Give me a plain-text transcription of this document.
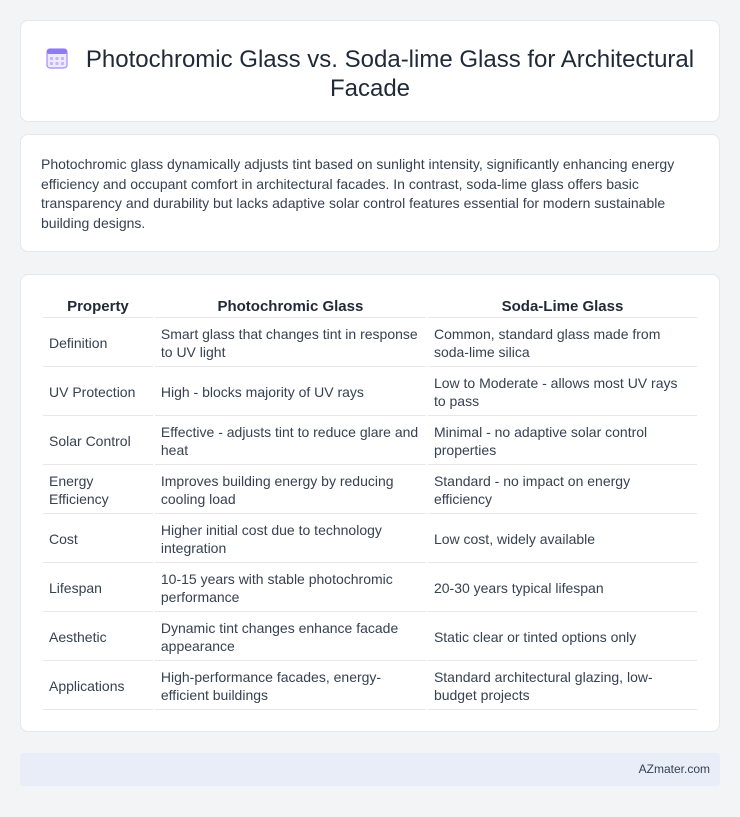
Photochromic Glass vs. Soda-lime Glass for Architectural Facade

Photochromic glass dynamically adjusts tint based on sunlight intensity, significantly enhancing energy efficiency and occupant comfort in architectural facades. In contrast, soda-lime glass offers basic transparency and durability but lacks adaptive solar control features essential for modern sustainable building designs.

Property	Photochromic Glass	Soda-Lime Glass
Definition	Smart glass that changes tint in response to UV light	Common, standard glass made from soda-lime silica
UV Protection	High - blocks majority of UV rays	Low to Moderate - allows most UV rays to pass
Solar Control	Effective - adjusts tint to reduce glare and heat	Minimal - no adaptive solar control properties
Energy Efficiency	Improves building energy by reducing cooling load	Standard - no impact on energy efficiency
Cost	Higher initial cost due to technology integration	Low cost, widely available
Lifespan	10-15 years with stable photochromic performance	20-30 years typical lifespan
Aesthetic	Dynamic tint changes enhance facade appearance	Static clear or tinted options only
Applications	High-performance facades, energy-efficient buildings	Standard architectural glazing, low-budget projects
AZmater.com
